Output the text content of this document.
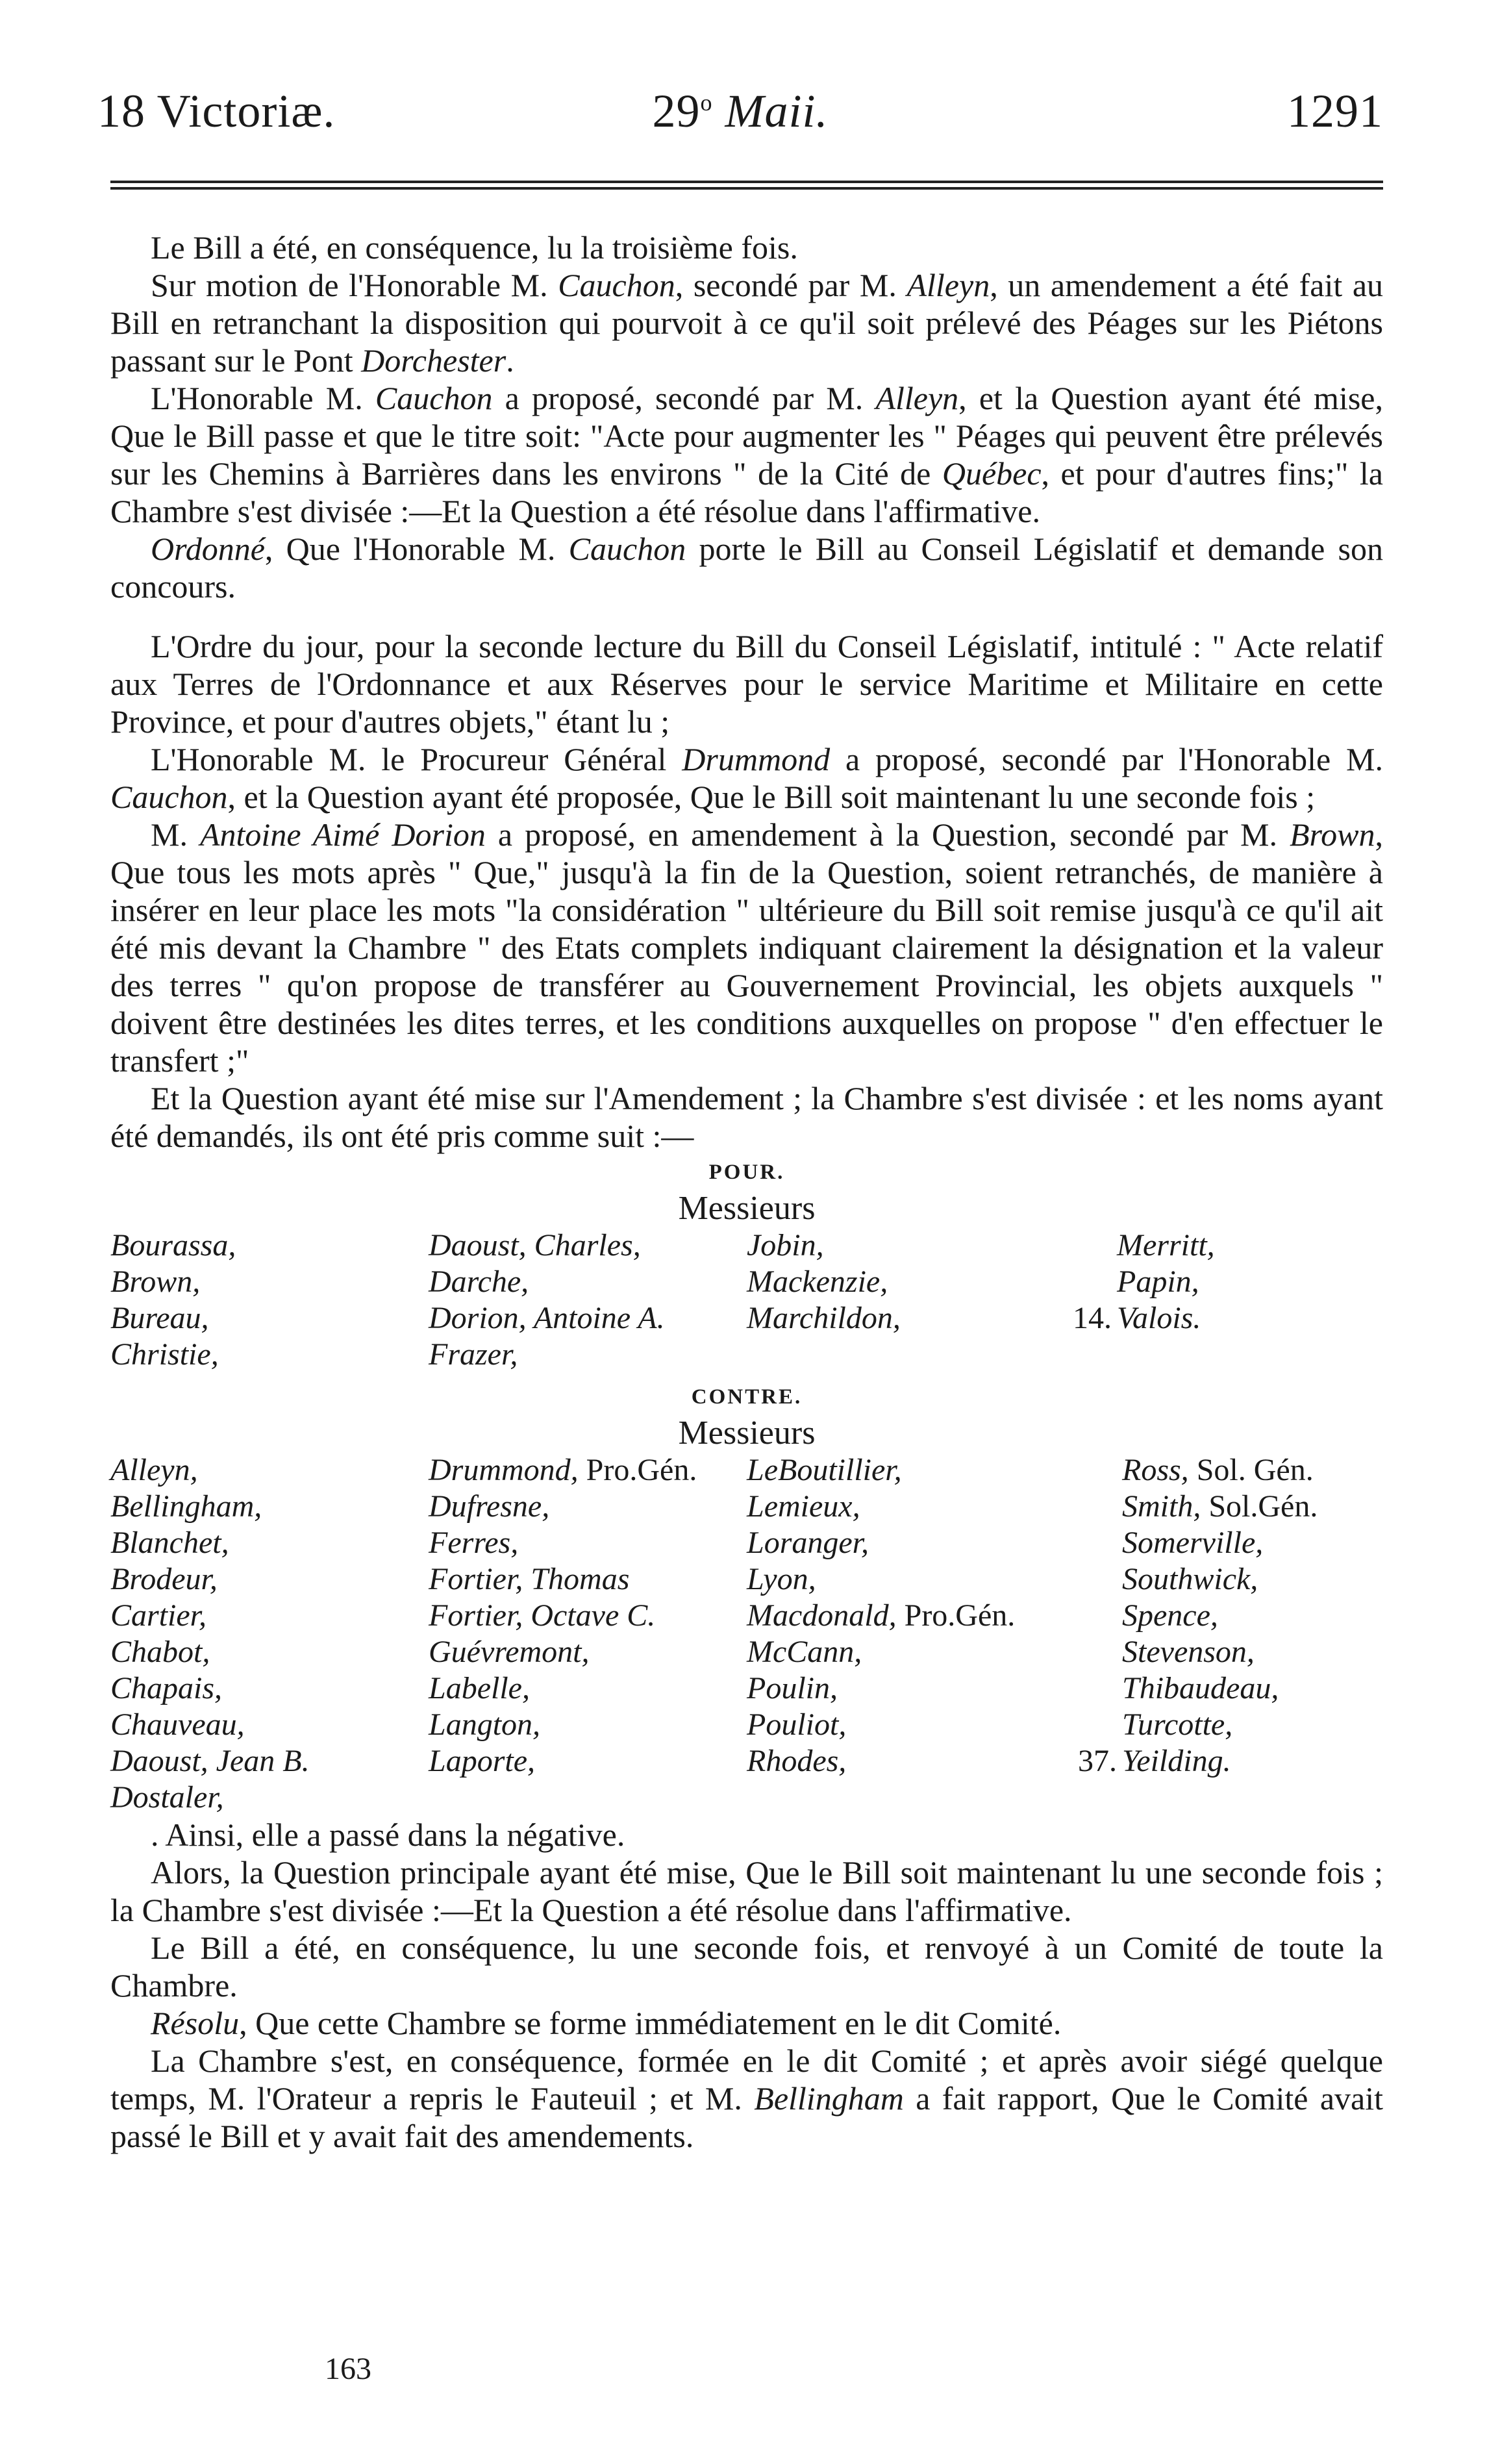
18 Victoriæ.	29$^o$ Maii.	1291

Le Bill a été, en conséquence, lu la troisième fois.

Sur motion de l'Honorable M. Cauchon, secondé par M. Alleyn, un amendement a été fait au Bill en retranchant la disposition qui pourvoit à ce qu'il soit prélevé des Péages sur les Piétons passant sur le Pont Dorchester.

L'Honorable M. Cauchon a proposé, secondé par M. Alleyn, et la Question ayant été mise, Que le Bill passe et que le titre soit: "Acte pour augmenter les " Péages qui peuvent être prélevés sur les Chemins à Barrières dans les environs " de la Cité de Québec, et pour d'autres fins;" la Chambre s'est divisée :—Et la Question a été résolue dans l'affirmative.

Ordonné, Que l'Honorable M. Cauchon porte le Bill au Conseil Législatif et demande son concours.

L'Ordre du jour, pour la seconde lecture du Bill du Conseil Législatif, intitulé : " Acte relatif aux Terres de l'Ordonnance et aux Réserves pour le service Maritime et Militaire en cette Province, et pour d'autres objets," étant lu ;

L'Honorable M. le Procureur Général Drummond a proposé, secondé par l'Honorable M. Cauchon, et la Question ayant été proposée, Que le Bill soit maintenant lu une seconde fois ;

M. Antoine Aimé Dorion a proposé, en amendement à la Question, secondé par M. Brown, Que tous les mots après " Que," jusqu'à la fin de la Question, soient retranchés, de manière à insérer en leur place les mots "la considération " ultérieure du Bill soit remise jusqu'à ce qu'il ait été mis devant la Chambre " des Etats complets indiquant clairement la désignation et la valeur des terres " qu'on propose de transférer au Gouvernement Provincial, les objets auxquels " doivent être destinées les dites terres, et les conditions auxquelles on propose " d'en effectuer le transfert ;"

Et la Question ayant été mise sur l'Amendement ; la Chambre s'est divisée : et les noms ayant été demandés, ils ont été pris comme suit :—

POUR.
Messieurs
Bourassa,	Daoust, Charles,	Jobin,		Merritt,
Brown,	Darche,	Mackenzie,		Papin,
Bureau,	Dorion, Antoine A.	Marchildon,	14.	Valois.
Christie,	Frazer,			
CONTRE.
Messieurs
Alleyn,	Drummond, Pro.Gén.	LeBoutillier,		Ross, Sol. Gén.
Bellingham,	Dufresne,	Lemieux,		Smith, Sol.Gén.
Blanchet,	Ferres,	Loranger,		Somerville,
Brodeur,	Fortier, Thomas	Lyon,		Southwick,
Cartier,	Fortier, Octave C.	Macdonald, Pro.Gén.		Spence,
Chabot,	Guévremont,	McCann,		Stevenson,
Chapais,	Labelle,	Poulin,		Thibaudeau,
Chauveau,	Langton,	Pouliot,		Turcotte,
Daoust, Jean B.	Laporte,	Rhodes,	37.	Yeilding.
Dostaler,				

. Ainsi, elle a passé dans la négative.

Alors, la Question principale ayant été mise, Que le Bill soit maintenant lu une seconde fois ; la Chambre s'est divisée :—Et la Question a été résolue dans l'affirmative.

Le Bill a été, en conséquence, lu une seconde fois, et renvoyé à un Comité de toute la Chambre.

Résolu, Que cette Chambre se forme immédiatement en le dit Comité.

La Chambre s'est, en conséquence, formée en le dit Comité ; et après avoir siégé quelque temps, M. l'Orateur a repris le Fauteuil ; et M. Bellingham a fait rapport, Que le Comité avait passé le Bill et y avait fait des amendements.

163
